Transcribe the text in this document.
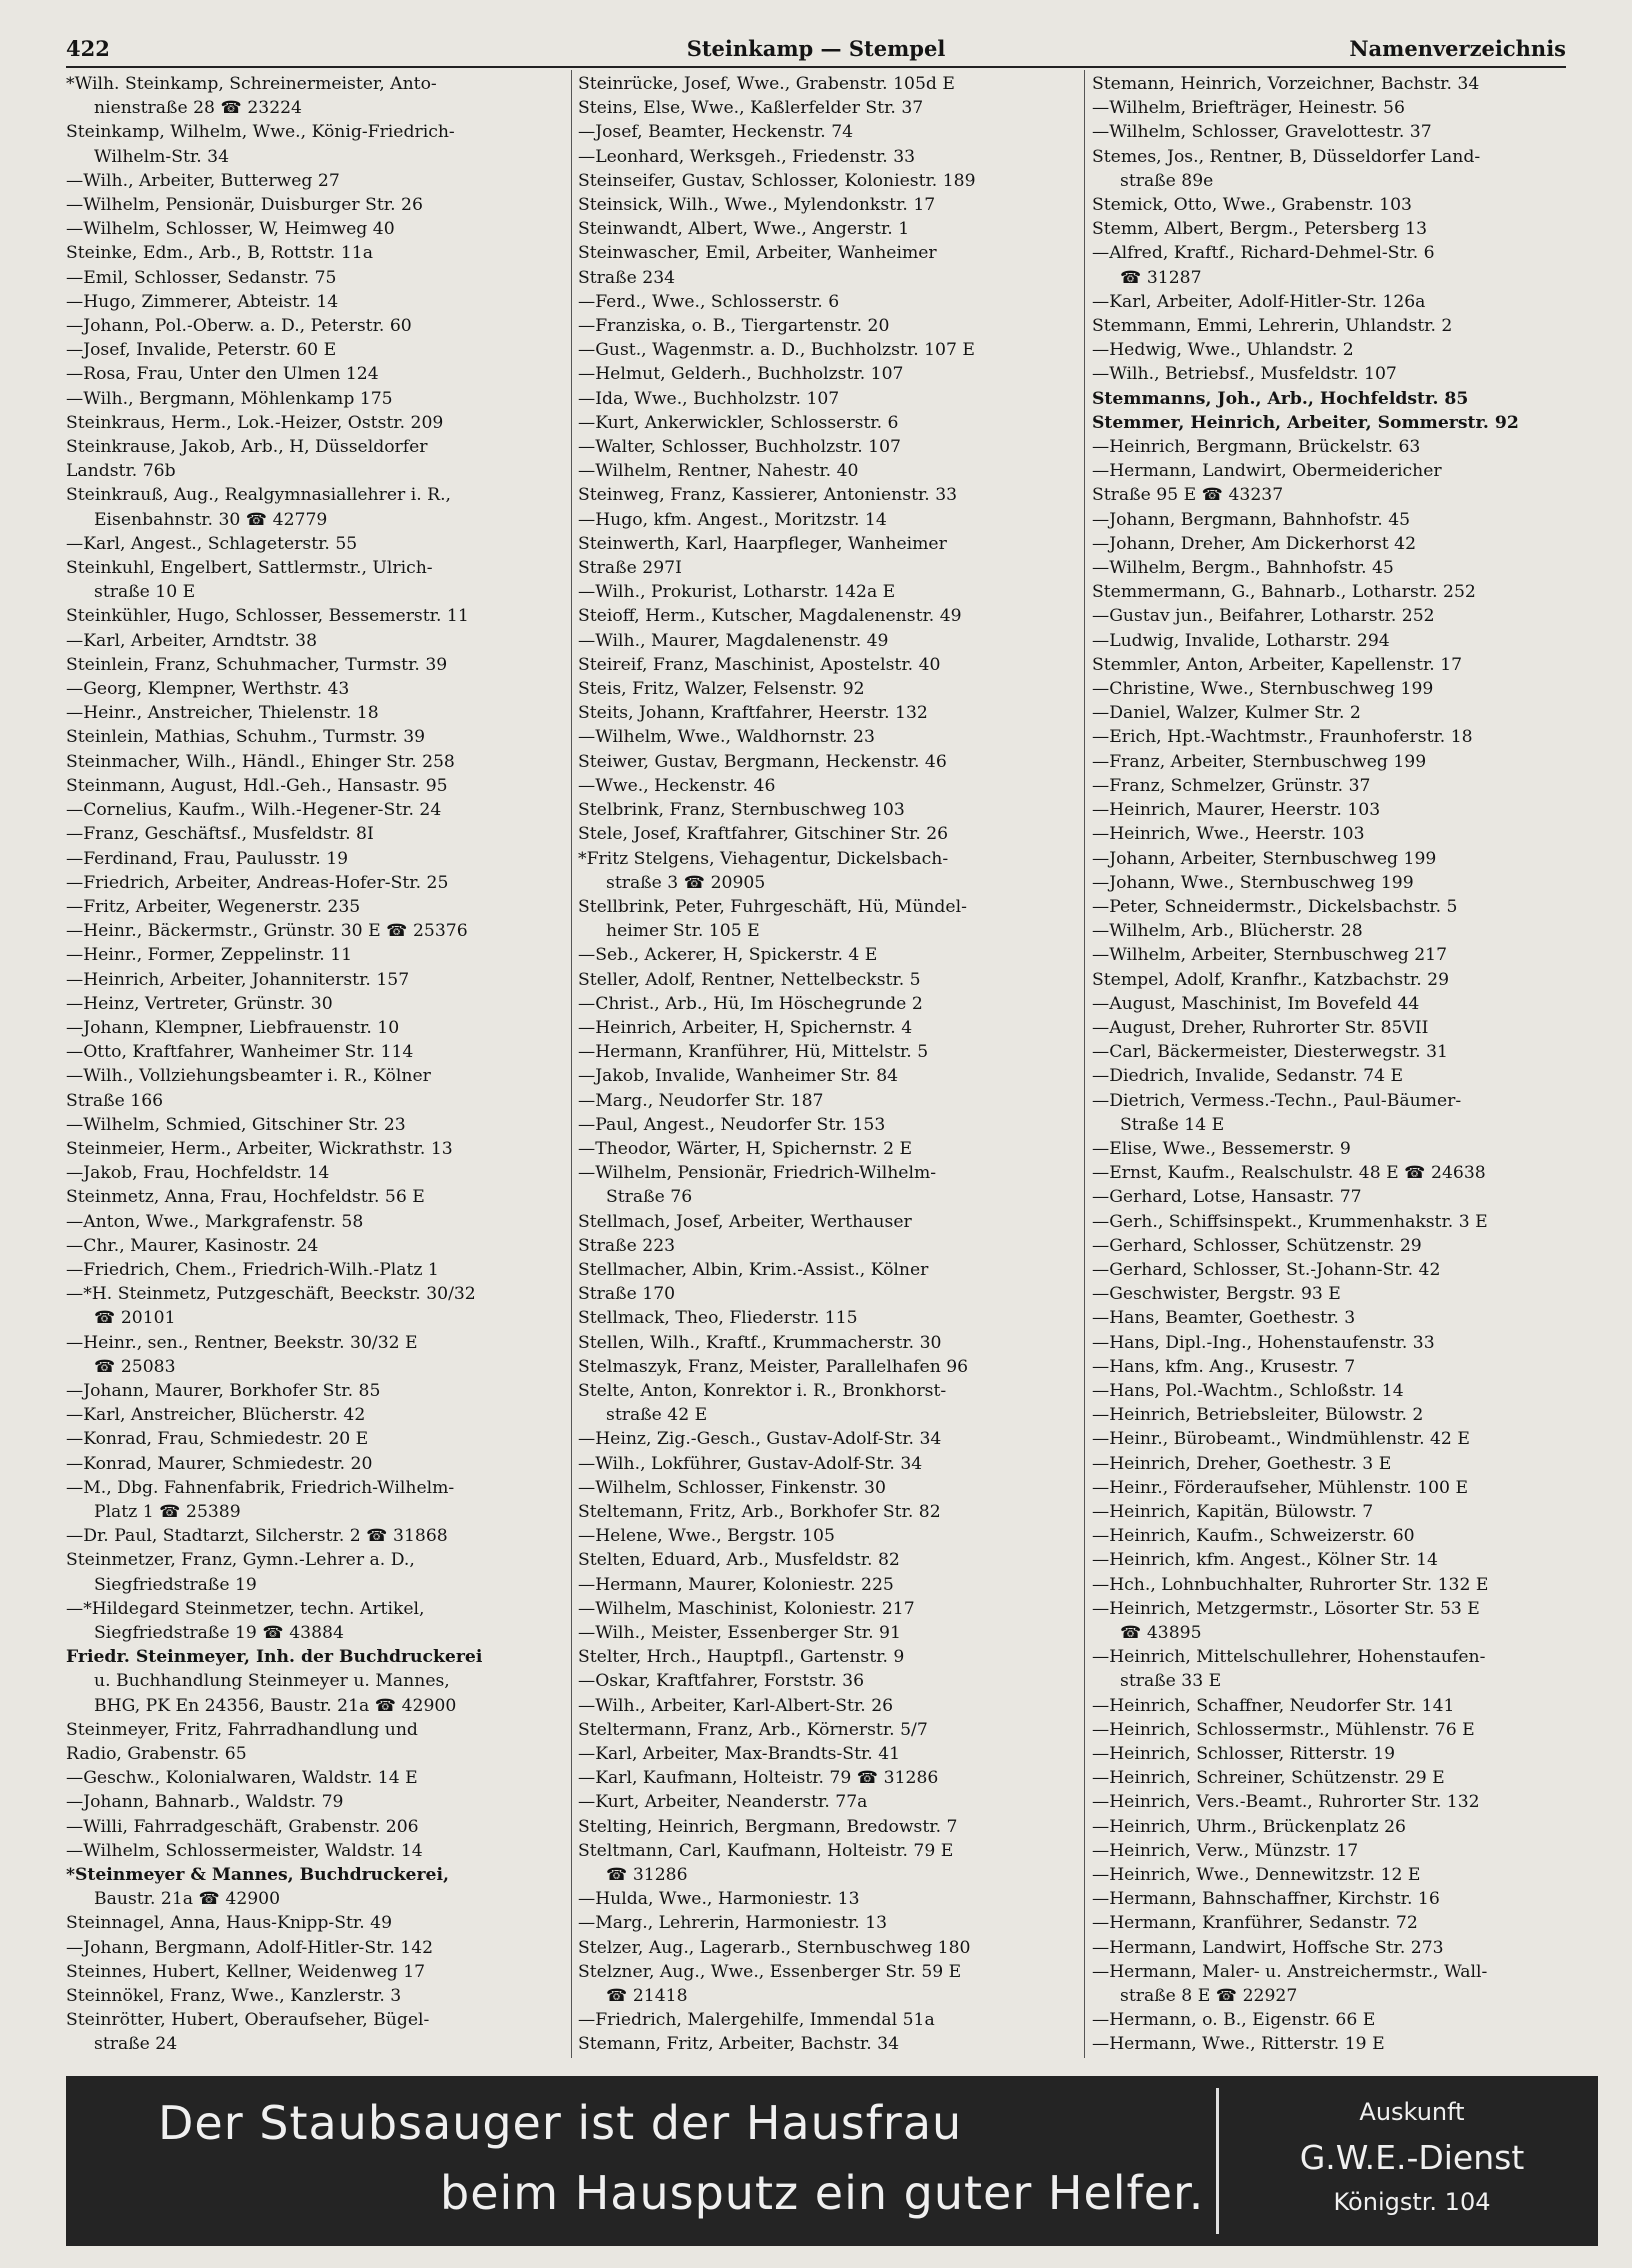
422	Steinkamp — Stempel	Namenverzeichnis
*Wilh. Steinkamp, Schreinermeister, Anto-
nienstraße 28 ☎ 23224
Steinkamp, Wilhelm, Wwe., König-Friedrich-
Wilhelm-Str. 34
—Wilh., Arbeiter, Butterweg 27
—Wilhelm, Pensionär, Duisburger Str. 26
—Wilhelm, Schlosser, W, Heimweg 40
Steinke, Edm., Arb., B, Rottstr. 11a
—Emil, Schlosser, Sedanstr. 75
—Hugo, Zimmerer, Abteistr. 14
—Johann, Pol.-Oberw. a. D., Peterstr. 60
—Josef, Invalide, Peterstr. 60 E
—Rosa, Frau, Unter den Ulmen 124
—Wilh., Bergmann, Möhlenkamp 175
Steinkraus, Herm., Lok.-Heizer, Oststr. 209
Steinkrause, Jakob, Arb., H, Düsseldorfer
Landstr. 76b
Steinkrauß, Aug., Realgymnasiallehrer i. R.,
Eisenbahnstr. 30 ☎ 42779
—Karl, Angest., Schlageterstr. 55
Steinkuhl, Engelbert, Sattlermstr., Ulrich-
straße 10 E
Steinkühler, Hugo, Schlosser, Bessemerstr. 11
—Karl, Arbeiter, Arndtstr. 38
Steinlein, Franz, Schuhmacher, Turmstr. 39
—Georg, Klempner, Werthstr. 43
—Heinr., Anstreicher, Thielenstr. 18
Steinlein, Mathias, Schuhm., Turmstr. 39
Steinmacher, Wilh., Händl., Ehinger Str. 258
Steinmann, August, Hdl.-Geh., Hansastr. 95
—Cornelius, Kaufm., Wilh.-Hegener-Str. 24
—Franz, Geschäftsf., Musfeldstr. 8I
—Ferdinand, Frau, Paulusstr. 19
—Friedrich, Arbeiter, Andreas-Hofer-Str. 25
—Fritz, Arbeiter, Wegenerstr. 235
—Heinr., Bäckermstr., Grünstr. 30 E ☎ 25376
—Heinr., Former, Zeppelinstr. 11
—Heinrich, Arbeiter, Johanniterstr. 157
—Heinz, Vertreter, Grünstr. 30
—Johann, Klempner, Liebfrauenstr. 10
—Otto, Kraftfahrer, Wanheimer Str. 114
—Wilh., Vollziehungsbeamter i. R., Kölner
Straße 166
—Wilhelm, Schmied, Gitschiner Str. 23
Steinmeier, Herm., Arbeiter, Wickrathstr. 13
—Jakob, Frau, Hochfeldstr. 14
Steinmetz, Anna, Frau, Hochfeldstr. 56 E
—Anton, Wwe., Markgrafenstr. 58
—Chr., Maurer, Kasinostr. 24
—Friedrich, Chem., Friedrich-Wilh.-Platz 1
—*H. Steinmetz, Putzgeschäft, Beeckstr. 30/32
☎ 20101
—Heinr., sen., Rentner, Beekstr. 30/32 E
☎ 25083
—Johann, Maurer, Borkhofer Str. 85
—Karl, Anstreicher, Blücherstr. 42
—Konrad, Frau, Schmiedestr. 20 E
—Konrad, Maurer, Schmiedestr. 20
—M., Dbg. Fahnenfabrik, Friedrich-Wilhelm-
Platz 1 ☎ 25389
—Dr. Paul, Stadtarzt, Silcherstr. 2 ☎ 31868
Steinmetzer, Franz, Gymn.-Lehrer a. D.,
Siegfriedstraße 19
—*Hildegard Steinmetzer, techn. Artikel,
Siegfriedstraße 19 ☎ 43884
Friedr. Steinmeyer, Inh. der Buchdruckerei
u. Buchhandlung Steinmeyer u. Mannes,
BHG, PK En 24356, Baustr. 21a ☎ 42900
Steinmeyer, Fritz, Fahrradhandlung und
Radio, Grabenstr. 65
—Geschw., Kolonialwaren, Waldstr. 14 E
—Johann, Bahnarb., Waldstr. 79
—Willi, Fahrradgeschäft, Grabenstr. 206
—Wilhelm, Schlossermeister, Waldstr. 14
*Steinmeyer & Mannes, Buchdruckerei,
Baustr. 21a ☎ 42900
Steinnagel, Anna, Haus-Knipp-Str. 49
—Johann, Bergmann, Adolf-Hitler-Str. 142
Steinnes, Hubert, Kellner, Weidenweg 17
Steinnökel, Franz, Wwe., Kanzlerstr. 3
Steinrötter, Hubert, Oberaufseher, Bügel-
straße 24
Steinrücke, Josef, Wwe., Grabenstr. 105d E
Steins, Else, Wwe., Kaßlerfelder Str. 37
—Josef, Beamter, Heckenstr. 74
—Leonhard, Werksgeh., Friedenstr. 33
Steinseifer, Gustav, Schlosser, Koloniestr. 189
Steinsick, Wilh., Wwe., Mylendonkstr. 17
Steinwandt, Albert, Wwe., Angerstr. 1
Steinwascher, Emil, Arbeiter, Wanheimer
Straße 234
—Ferd., Wwe., Schlosserstr. 6
—Franziska, o. B., Tiergartenstr. 20
—Gust., Wagenmstr. a. D., Buchholzstr. 107 E
—Helmut, Gelderh., Buchholzstr. 107
—Ida, Wwe., Buchholzstr. 107
—Kurt, Ankerwickler, Schlosserstr. 6
—Walter, Schlosser, Buchholzstr. 107
—Wilhelm, Rentner, Nahestr. 40
Steinweg, Franz, Kassierer, Antonienstr. 33
—Hugo, kfm. Angest., Moritzstr. 14
Steinwerth, Karl, Haarpfleger, Wanheimer
Straße 297I
—Wilh., Prokurist, Lotharstr. 142a E
Steioff, Herm., Kutscher, Magdalenenstr. 49
—Wilh., Maurer, Magdalenenstr. 49
Steireif, Franz, Maschinist, Apostelstr. 40
Steis, Fritz, Walzer, Felsenstr. 92
Steits, Johann, Kraftfahrer, Heerstr. 132
—Wilhelm, Wwe., Waldhornstr. 23
Steiwer, Gustav, Bergmann, Heckenstr. 46
—Wwe., Heckenstr. 46
Stelbrink, Franz, Sternbuschweg 103
Stele, Josef, Kraftfahrer, Gitschiner Str. 26
*Fritz Stelgens, Viehagentur, Dickelsbach-
straße 3 ☎ 20905
Stellbrink, Peter, Fuhrgeschäft, Hü, Mündel-
heimer Str. 105 E
—Seb., Ackerer, H, Spickerstr. 4 E
Steller, Adolf, Rentner, Nettelbeckstr. 5
—Christ., Arb., Hü, Im Höschegrunde 2
—Heinrich, Arbeiter, H, Spichernstr. 4
—Hermann, Kranführer, Hü, Mittelstr. 5
—Jakob, Invalide, Wanheimer Str. 84
—Marg., Neudorfer Str. 187
—Paul, Angest., Neudorfer Str. 153
—Theodor, Wärter, H, Spichernstr. 2 E
—Wilhelm, Pensionär, Friedrich-Wilhelm-
Straße 76
Stellmach, Josef, Arbeiter, Werthauser
Straße 223
Stellmacher, Albin, Krim.-Assist., Kölner
Straße 170
Stellmack, Theo, Fliederstr. 115
Stellen, Wilh., Kraftf., Krummacherstr. 30
Stelmaszyk, Franz, Meister, Parallelhafen 96
Stelte, Anton, Konrektor i. R., Bronkhorst-
straße 42 E
—Heinz, Zig.-Gesch., Gustav-Adolf-Str. 34
—Wilh., Lokführer, Gustav-Adolf-Str. 34
—Wilhelm, Schlosser, Finkenstr. 30
Steltemann, Fritz, Arb., Borkhofer Str. 82
—Helene, Wwe., Bergstr. 105
Stelten, Eduard, Arb., Musfeldstr. 82
—Hermann, Maurer, Koloniestr. 225
—Wilhelm, Maschinist, Koloniestr. 217
—Wilh., Meister, Essenberger Str. 91
Stelter, Hrch., Hauptpfl., Gartenstr. 9
—Oskar, Kraftfahrer, Forststr. 36
—Wilh., Arbeiter, Karl-Albert-Str. 26
Steltermann, Franz, Arb., Körnerstr. 5/7
—Karl, Arbeiter, Max-Brandts-Str. 41
—Karl, Kaufmann, Holteistr. 79 ☎ 31286
—Kurt, Arbeiter, Neanderstr. 77a
Stelting, Heinrich, Bergmann, Bredowstr. 7
Steltmann, Carl, Kaufmann, Holteistr. 79 E
☎ 31286
—Hulda, Wwe., Harmoniestr. 13
—Marg., Lehrerin, Harmoniestr. 13
Stelzer, Aug., Lagerarb., Sternbuschweg 180
Stelzner, Aug., Wwe., Essenberger Str. 59 E
☎ 21418
—Friedrich, Malergehilfe, Immendal 51a
Stemann, Fritz, Arbeiter, Bachstr. 34
Stemann, Heinrich, Vorzeichner, Bachstr. 34
—Wilhelm, Briefträger, Heinestr. 56
—Wilhelm, Schlosser, Gravelottestr. 37
Stemes, Jos., Rentner, B, Düsseldorfer Land-
straße 89e
Stemick, Otto, Wwe., Grabenstr. 103
Stemm, Albert, Bergm., Petersberg 13
—Alfred, Kraftf., Richard-Dehmel-Str. 6
☎ 31287
—Karl, Arbeiter, Adolf-Hitler-Str. 126a
Stemmann, Emmi, Lehrerin, Uhlandstr. 2
—Hedwig, Wwe., Uhlandstr. 2
—Wilh., Betriebsf., Musfeldstr. 107
Stemmanns, Joh., Arb., Hochfeldstr. 85
Stemmer, Heinrich, Arbeiter, Sommerstr. 92
—Heinrich, Bergmann, Brückelstr. 63
—Hermann, Landwirt, Obermeidericher
Straße 95 E ☎ 43237
—Johann, Bergmann, Bahnhofstr. 45
—Johann, Dreher, Am Dickerhorst 42
—Wilhelm, Bergm., Bahnhofstr. 45
Stemmermann, G., Bahnarb., Lotharstr. 252
—Gustav jun., Beifahrer, Lotharstr. 252
—Ludwig, Invalide, Lotharstr. 294
Stemmler, Anton, Arbeiter, Kapellenstr. 17
—Christine, Wwe., Sternbuschweg 199
—Daniel, Walzer, Kulmer Str. 2
—Erich, Hpt.-Wachtmstr., Fraunhoferstr. 18
—Franz, Arbeiter, Sternbuschweg 199
—Franz, Schmelzer, Grünstr. 37
—Heinrich, Maurer, Heerstr. 103
—Heinrich, Wwe., Heerstr. 103
—Johann, Arbeiter, Sternbuschweg 199
—Johann, Wwe., Sternbuschweg 199
—Peter, Schneidermstr., Dickelsbachstr. 5
—Wilhelm, Arb., Blücherstr. 28
—Wilhelm, Arbeiter, Sternbuschweg 217
Stempel, Adolf, Kranfhr., Katzbachstr. 29
—August, Maschinist, Im Bovefeld 44
—August, Dreher, Ruhrorter Str. 85VII
—Carl, Bäckermeister, Diesterwegstr. 31
—Diedrich, Invalide, Sedanstr. 74 E
—Dietrich, Vermess.-Techn., Paul-Bäumer-
Straße 14 E
—Elise, Wwe., Bessemerstr. 9
—Ernst, Kaufm., Realschulstr. 48 E ☎ 24638
—Gerhard, Lotse, Hansastr. 77
—Gerh., Schiffsinspekt., Krummenhakstr. 3 E
—Gerhard, Schlosser, Schützenstr. 29
—Gerhard, Schlosser, St.-Johann-Str. 42
—Geschwister, Bergstr. 93 E
—Hans, Beamter, Goethestr. 3
—Hans, Dipl.-Ing., Hohenstaufenstr. 33
—Hans, kfm. Ang., Krusestr. 7
—Hans, Pol.-Wachtm., Schloßstr. 14
—Heinrich, Betriebsleiter, Bülowstr. 2
—Heinr., Bürobeamt., Windmühlenstr. 42 E
—Heinrich, Dreher, Goethestr. 3 E
—Heinr., Förderaufseher, Mühlenstr. 100 E
—Heinrich, Kapitän, Bülowstr. 7
—Heinrich, Kaufm., Schweizerstr. 60
—Heinrich, kfm. Angest., Kölner Str. 14
—Hch., Lohnbuchhalter, Ruhrorter Str. 132 E
—Heinrich, Metzgermstr., Lösorter Str. 53 E
☎ 43895
—Heinrich, Mittelschullehrer, Hohenstaufen-
straße 33 E
—Heinrich, Schaffner, Neudorfer Str. 141
—Heinrich, Schlossermstr., Mühlenstr. 76 E
—Heinrich, Schlosser, Ritterstr. 19
—Heinrich, Schreiner, Schützenstr. 29 E
—Heinrich, Vers.-Beamt., Ruhrorter Str. 132
—Heinrich, Uhrm., Brückenplatz 26
—Heinrich, Verw., Münzstr. 17
—Heinrich, Wwe., Dennewitzstr. 12 E
—Hermann, Bahnschaffner, Kirchstr. 16
—Hermann, Kranführer, Sedanstr. 72
—Hermann, Landwirt, Hoffsche Str. 273
—Hermann, Maler- u. Anstreichermstr., Wall-
straße 8 E ☎ 22927
—Hermann, o. B., Eigenstr. 66 E
—Hermann, Wwe., Ritterstr. 19 E
Der Staubsauger ist der Hausfrau
beim Hausputz ein guter Helfer.
Auskunft
G.W.E.-Dienst
Königstr. 104
